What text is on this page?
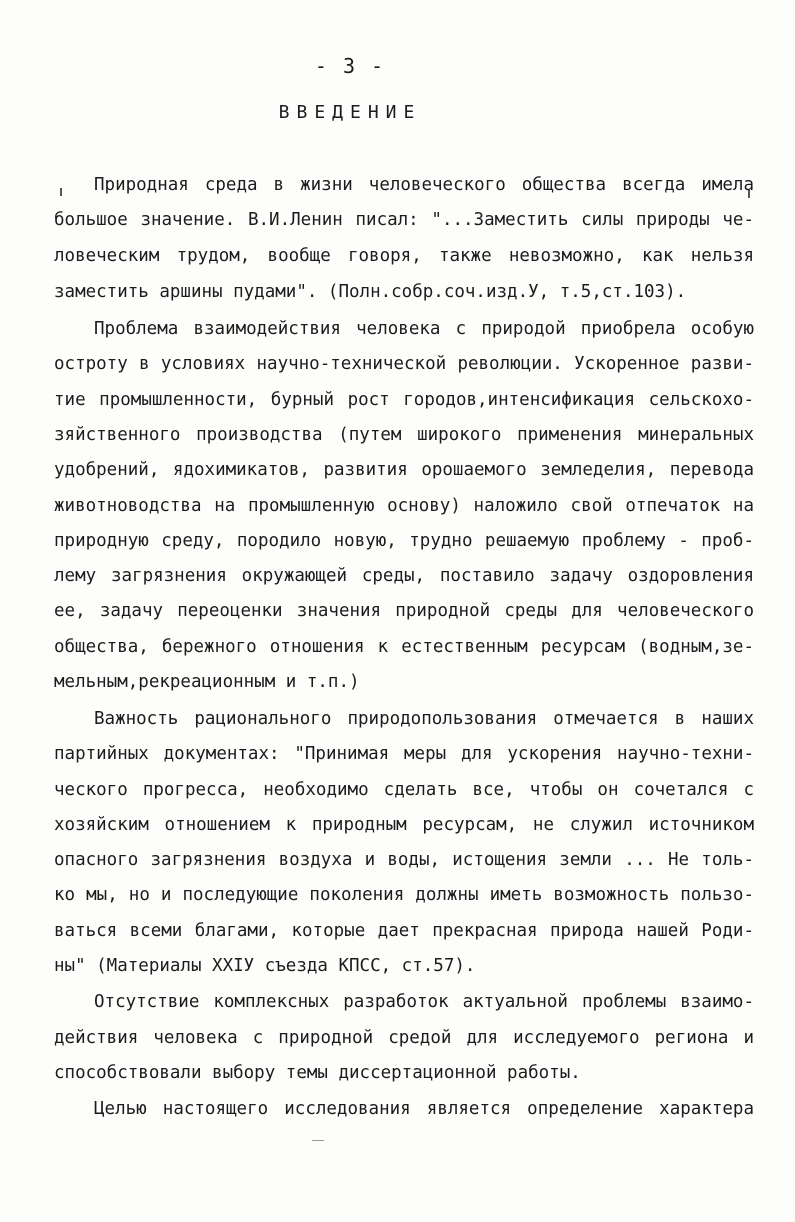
- 3 -
ВВЕДЕНИЕ
Природная среда в жизни человеческого общества всегда имела
большое значение. В.И.Ленин писал: "...Заместить силы природы че-
ловеческим трудом, вообще говоря, также невозможно, как нельзя
заместить аршины пудами". (Полн.собр.соч.изд.У, т.5,ст.103).
Проблема взаимодействия человека с природой приобрела особую
остроту в условиях научно-технической революции. Ускоренное разви-
тие промышленности, бурный рост городов,интенсификация сельскохо-
зяйственного производства (путем широкого применения минеральных
удобрений, ядохимикатов, развития орошаемого земледелия, перевода
животноводства на промышленную основу) наложило свой отпечаток на
природную среду, породило новую, трудно решаемую проблему - проб-
лему загрязнения окружающей среды, поставило задачу оздоровления
ее, задачу переоценки значения природной среды для человеческого
общества, бережного отношения к естественным ресурсам (водным,зе-
мельным,рекреационным и т.п.)
Важность рационального природопользования отмечается в наших
партийных документах: "Принимая меры для ускорения научно-техни-
ческого прогресса, необходимо сделать все, чтобы он сочетался с
хозяйским отношением к природным ресурсам, не служил источником
опасного загрязнения воздуха и воды, истощения земли ... Не толь-
ко мы, но и последующие поколения должны иметь возможность пользо-
ваться всеми благами, которые дает прекрасная природа нашей Роди-
ны" (Материалы XXIУ съезда КПСС, ст.57).
Отсутствие комплексных разработок актуальной проблемы взаимо-
действия человека с природной средой для исследуемого региона и
способствовали выбору темы диссертационной работы.
Целью настоящего исследования является определение характера
